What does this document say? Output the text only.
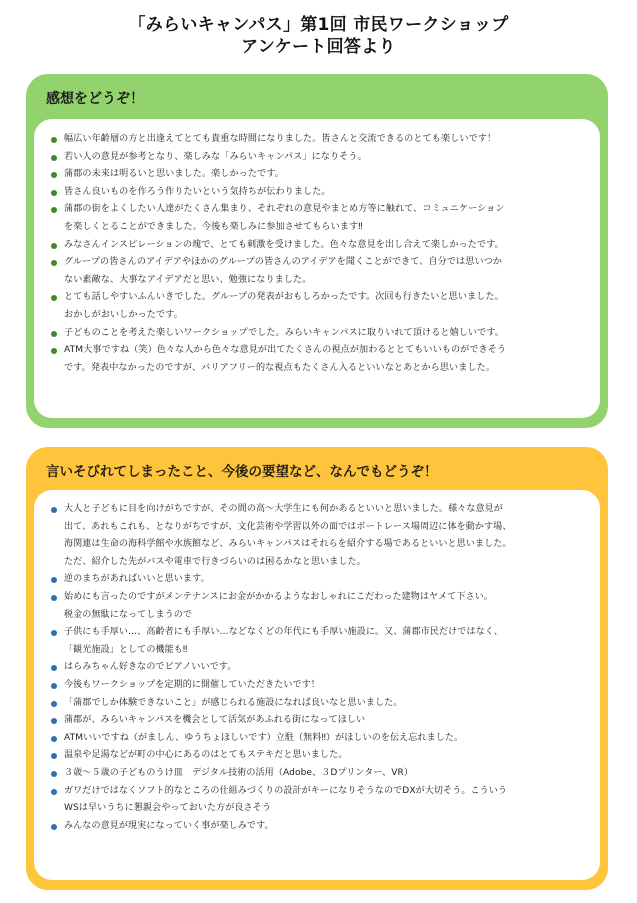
「みらいキャンパス」第1回 市民ワークショップ
アンケート回答より
感想をどうぞ！
幅広い年齢層の方と出逢えてとても貴重な時間になりました。皆さんと交流できるのとても楽しいです！
若い人の意見が参考となり、楽しみな「みらいキャンパス」になりそう。
蒲郡の未来は明るいと思いました。楽しかったです。
皆さん良いものを作ろう作りたいという気持ちが伝わりました。
蒲郡の街をよくしたい人達がたくさん集まり、それぞれの意見やまとめ方等に触れて、コミュニケーション
を楽しくとることができました。今後も楽しみに参加させてもらいます‼
みなさんインスピレーションの塊で、とても刺激を受けました。色々な意見を出し合えて楽しかったです。
グループの皆さんのアイデアやほかのグループの皆さんのアイデアを聞くことができて、自分では思いつか
ない素敵な、大事なアイデアだと思い、勉強になりました。
とても話しやすいふんいきでした。グループの発表がおもしろかったです。次回も行きたいと思いました。
おかしがおいしかったです。
子どものことを考えた楽しいワークショップでした。みらいキャンパスに取りいれて頂けると嬉しいです。
ATM大事ですね（笑）色々な人から色々な意見が出てたくさんの視点が加わるととてもいいものができそう
です。発表中なかったのですが、バリアフリー的な視点もたくさん入るといいなとあとから思いました。
言いそびれてしまったこと、今後の要望など、なんでもどうぞ！
大人と子どもに目を向けがちですが、その間の高～大学生にも何かあるといいと思いました。様々な意見が
出て、あれもこれも、となりがちですが、文化芸術や学習以外の面ではボートレース場周辺に体を動かす場、
海関連は生命の海科学館や水族館など、みらいキャンパスはそれらを紹介する場であるといいと思いました。
ただ、紹介した先がバスや電車で行きづらいのは困るかなと思いました。
逆のまちがあればいいと思います。
始めにも言ったのですがメンテナンスにお金がかかるようなおしゃれにこだわった建物はヤメて下さい。
税金の無駄になってしまうので
子供にも手厚い…、高齢者にも手厚い…などなくどの年代にも手厚い施設に。又、蒲郡市民だけではなく、
「観光施設」としての機能も‼
はらみちゃん好きなのでピアノいいです。
今後もワークショップを定期的に開催していただきたいです！
「蒲郡でしか体験できないこと」が感じられる施設になれば良いなと思いました。
蒲郡が、みらいキャンパスを機会として活気があふれる街になってほしい
ATMいいですね（がましん、ゆうちょほしいです）立駐（無料‼）がほしいのを伝え忘れました。
温泉や足湯などが町の中心にあるのはとてもステキだと思いました。
３歳～５歳の子どものうけ皿　デジタル技術の活用（Adobe、３Dプリンター、VR）
ガワだけではなくソフト的なところの仕組みづくりの設計がキーになりそうなのでDXが大切そう。こういう
WSは早いうちに懇親会やっておいた方が良さそう
みんなの意見が現実になっていく事が楽しみです。
